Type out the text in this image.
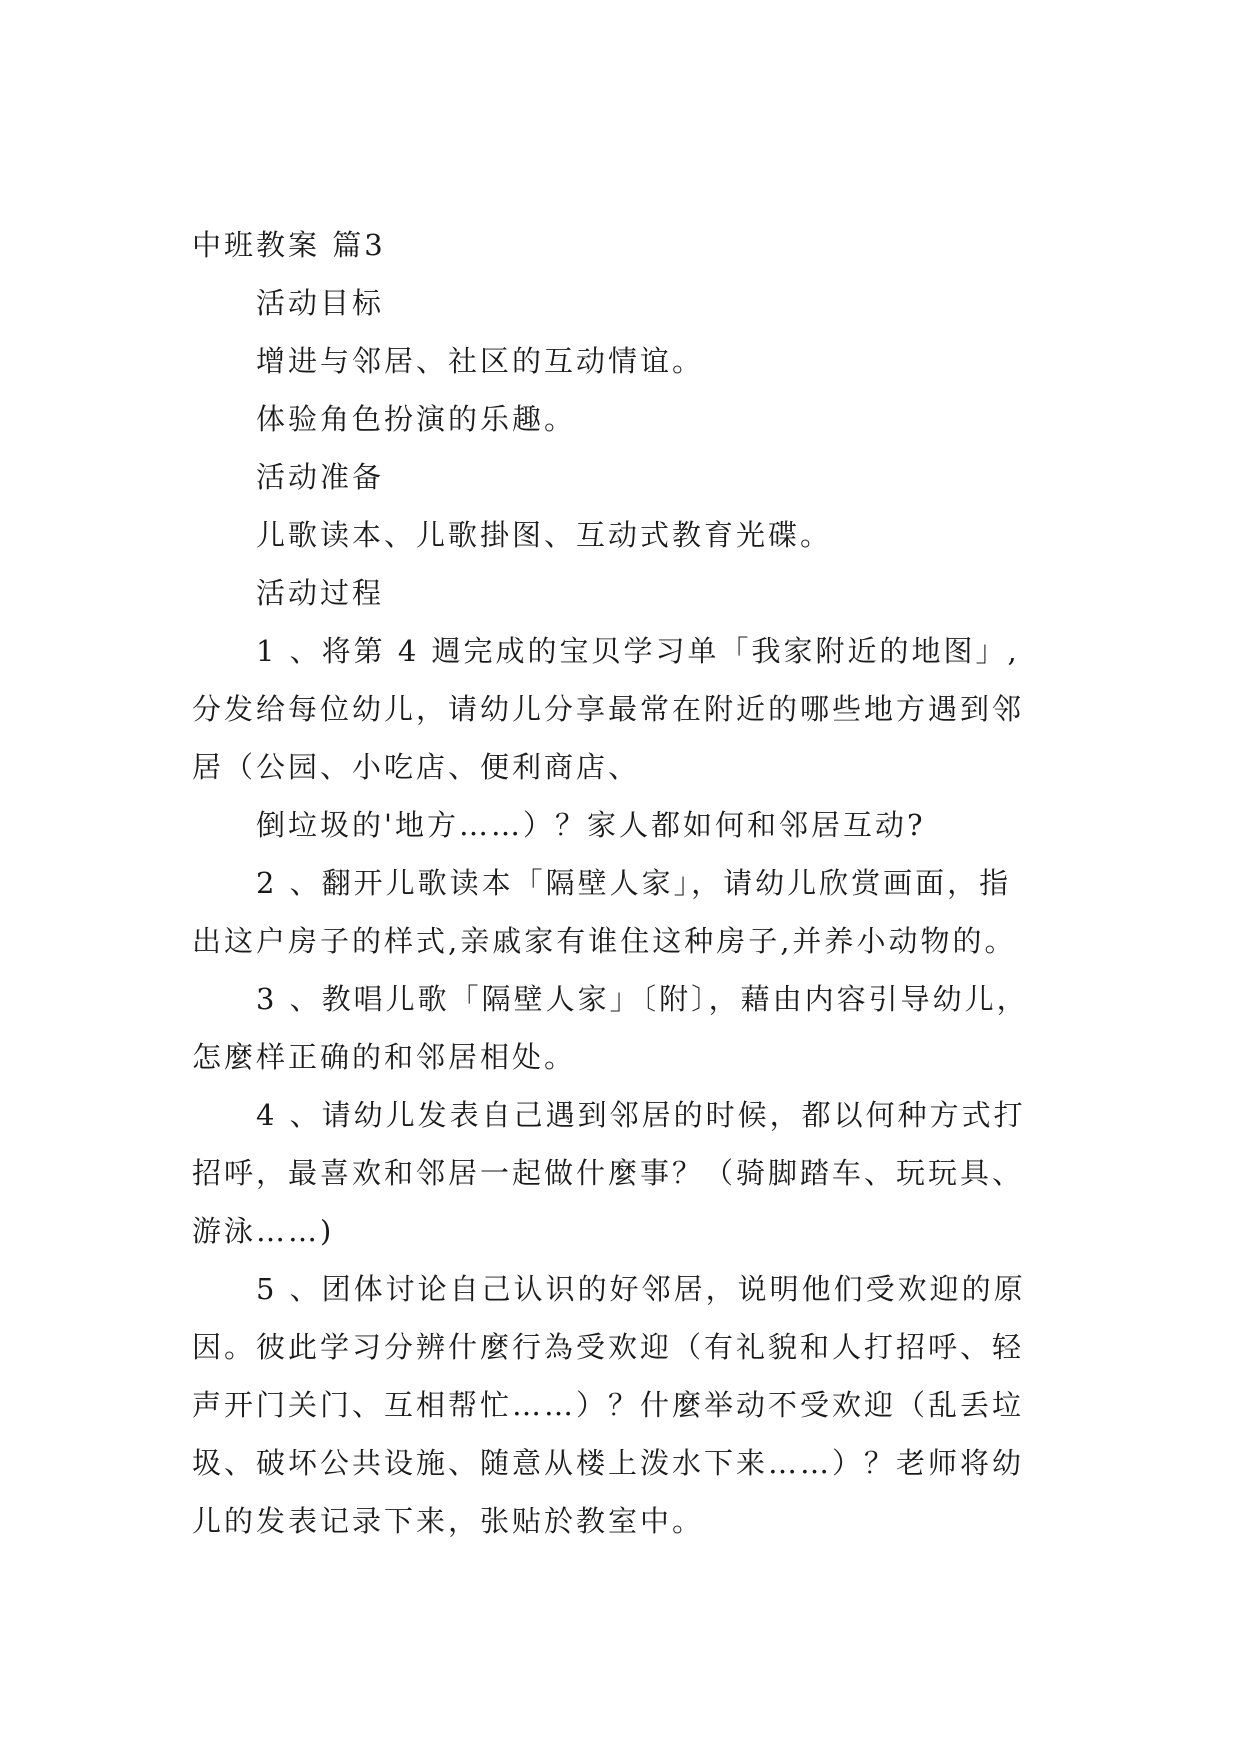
中班教案 篇3
活动目标
增进与邻居、社区的互动情谊。
体验角色扮演的乐趣。
活动准备
儿歌读本、儿歌掛图、互动式教育光碟。
活动过程
1 、将第 4 週完成的宝贝学习单「我家附近的地图」,
分发给每位幼儿，请幼儿分享最常在附近的哪些地方遇到邻
居（公园、小吃店、便利商店、
倒垃圾的'地方……）？家人都如何和邻居互动?
2 、翻开儿歌读本「隔壁人家」，请幼儿欣赏画面，指
出这户房子的样式,亲戚家有谁住这种房子,并养小动物的。
3 、教唱儿歌「隔壁人家」〔附〕，藉由内容引导幼儿，
怎麼样正确的和邻居相处。
4 、请幼儿发表自己遇到邻居的时候，都以何种方式打
招呼，最喜欢和邻居一起做什麼事？（骑脚踏车、玩玩具、
游泳……)
5 、团体讨论自己认识的好邻居，说明他们受欢迎的原
因。彼此学习分辨什麼行為受欢迎（有礼貌和人打招呼、轻
声开门关门、互相帮忙……）？什麼举动不受欢迎（乱丢垃
圾、破坏公共设施、随意从楼上泼水下来……）？老师将幼
儿的发表记录下来，张贴於教室中。
